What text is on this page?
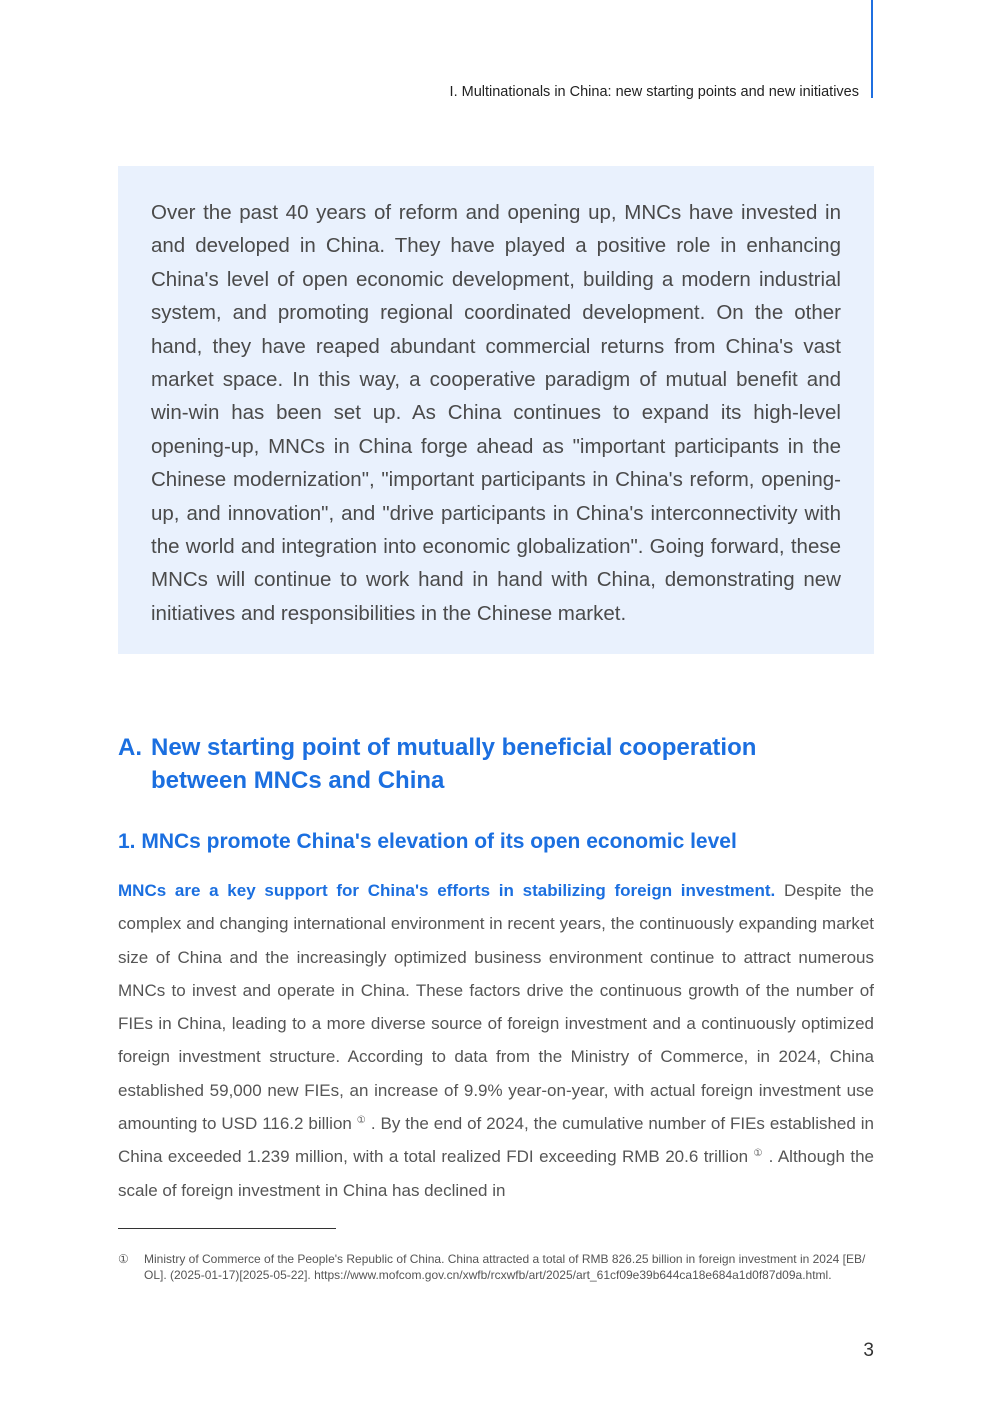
I. Multinationals in China: new starting points and new initiatives

Over the past 40 years of reform and opening up, MNCs have invested in and developed in China. They have played a positive role in enhancing China's level of open economic development, building a modern industrial system, and promoting regional coordinated development. On the other hand, they have reaped abundant commercial returns from China's vast market space. In this way, a cooperative paradigm of mutual benefit and win-win has been set up. As China continues to expand its high-level opening-up, MNCs in China forge ahead as "important participants in the Chinese modernization", "important participants in China's reform, opening-up, and innovation", and "drive participants in China's interconnectivity with the world and integration into economic globalization". Going forward, these MNCs will continue to work hand in hand with China, demonstrating new initiatives and responsibilities in the Chinese market.

A. New starting point of mutually beneficial cooperation
between MNCs and China
1. MNCs promote China's elevation of its open economic level

MNCs are a key support for China's efforts in stabilizing foreign investment. Despite the complex and changing international environment in recent years, the continuously expanding market size of China and the increasingly optimized business environment continue to attract numerous MNCs to invest and operate in China. These factors drive the continuous growth of the number of FIEs in China, leading to a more diverse source of foreign investment and a continuously optimized foreign investment structure. According to data from the Ministry of Commerce, in 2024, China established 59,000 new FIEs, an increase of 9.9% year-on-year, with actual foreign investment use amounting to USD 116.2 billion ① . By the end of 2024, the cumulative number of FIEs established in China exceeded 1.239 million, with a total realized FDI exceeding RMB 20.6 trillion ① . Although the scale of foreign investment in China has declined in

① Ministry of Commerce of the People's Republic of China. China attracted a total of RMB 826.25 billion in foreign investment in 2024 [EB/OL]. (2025-01-17)[2025-05-22]. https://www.mofcom.gov.cn/xwfb/rcxwfb/art/2025/art_61cf09e39b644ca18e684a1d0f87d09a.html.
3
